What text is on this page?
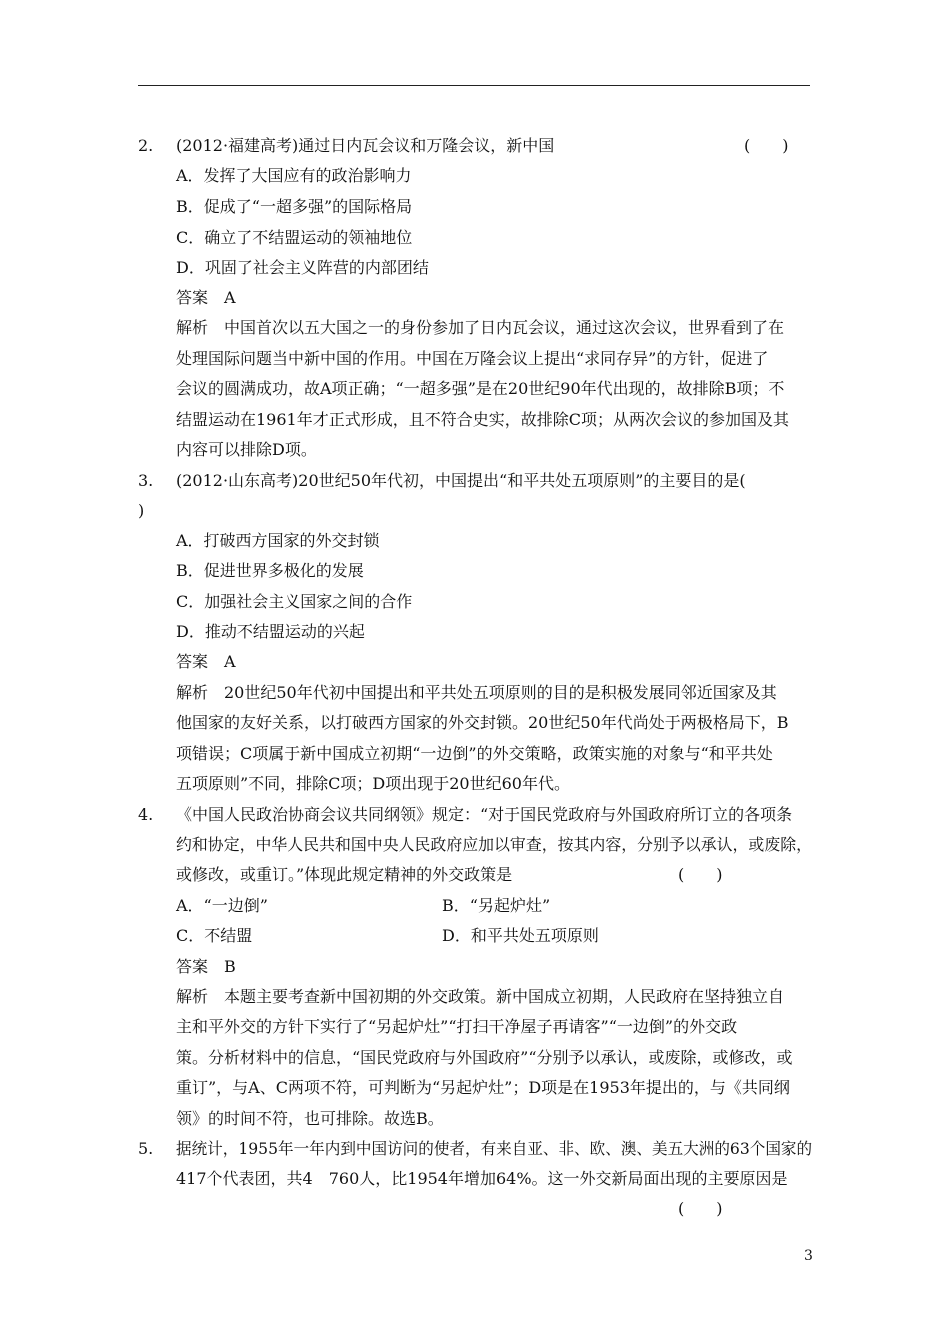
2. (2012·福建高考)通过日内瓦会议和万隆会议，新中国	(　　)
A．发挥了大国应有的政治影响力
B．促成了“一超多强”的国际格局
C．确立了不结盟运动的领袖地位
D．巩固了社会主义阵营的内部团结
答案　A
解析　中国首次以五大国之一的身份参加了日内瓦会议，通过这次会议，世界看到了在
处理国际问题当中新中国的作用。中国在万隆会议上提出“求同存异”的方针，促进了
会议的圆满成功，故A项正确；“一超多强”是在20世纪90年代出现的，故排除B项；不
结盟运动在1961年才正式形成，且不符合史实，故排除C项；从两次会议的参加国及其
内容可以排除D项。
3. (2012·山东高考)20世纪50年代初，中国提出“和平共处五项原则”的主要目的是(
)
A．打破西方国家的外交封锁
B．促进世界多极化的发展
C．加强社会主义国家之间的合作
D．推动不结盟运动的兴起
答案　A
解析　20世纪50年代初中国提出和平共处五项原则的目的是积极发展同邻近国家及其
他国家的友好关系，以打破西方国家的外交封锁。20世纪50年代尚处于两极格局下，B
项错误；C项属于新中国成立初期“一边倒”的外交策略，政策实施的对象与“和平共处
五项原则”不同，排除C项；D项出现于20世纪60年代。
4. 《中国人民政治协商会议共同纲领》规定：“对于国民党政府与外国政府所订立的各项条
约和协定，中华人民共和国中央人民政府应加以审查，按其内容，分别予以承认，或废除，
或修改，或重订。”体现此规定精神的外交政策是	(　　)
A．“一边倒”	B．“另起炉灶”
C．不结盟	D．和平共处五项原则
答案　B
解析　本题主要考查新中国初期的外交政策。新中国成立初期，人民政府在坚持独立自
主和平外交的方针下实行了“另起炉灶”“打扫干净屋子再请客”“一边倒”的外交政
策。分析材料中的信息，“国民党政府与外国政府”“分别予以承认，或废除，或修改，或
重订”，与A、C两项不符，可判断为“另起炉灶”；D项是在1953年提出的，与《共同纲
领》的时间不符，也可排除。故选B。
5. 据统计，1955年一年内到中国访问的使者，有来自亚、非、欧、澳、美五大洲的63个国家的
417个代表团，共4　760人，比1954年增加64%。这一外交新局面出现的主要原因是
(　　)
3
